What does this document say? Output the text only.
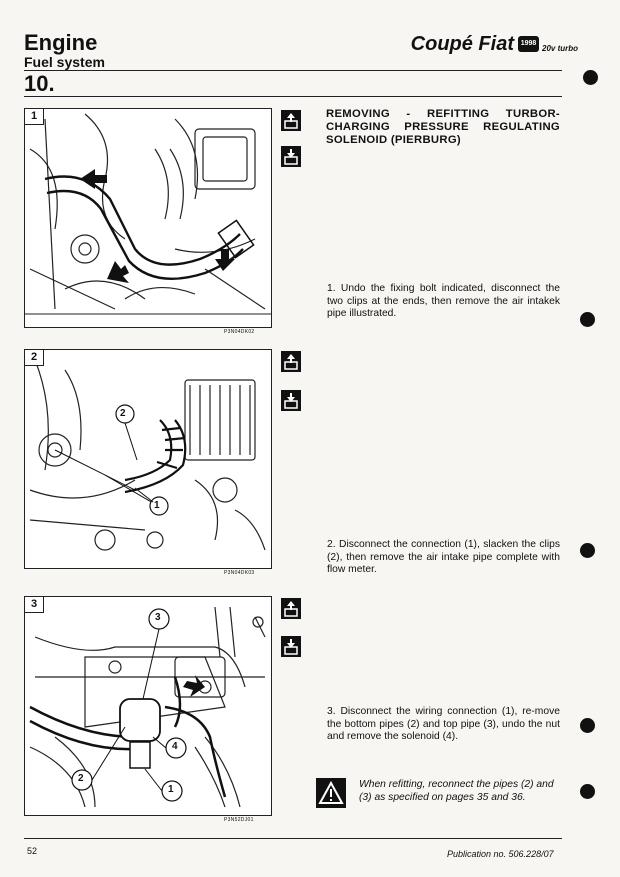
Engine
Fuel system
Coupé Fiat 1998
20v turbo
10.
REMOVING - REFITTING TURBOR-CHARGING PRESSURE REGULATING SOLENOID (PIERBURG)
1
P3N04DK02
2
2
1
P3N04DK03
3
3
4
2
1
P3N52DJ01
1. Undo the fixing bolt indicated, disconnect the two clips at the ends, then remove the air intakek pipe illustrated.
2. Disconnect the connection (1), slacken the clips (2), then remove the air intake pipe complete with flow meter.
3. Disconnect the wiring connection (1), re-move the bottom pipes (2) and top pipe (3), undo the nut and remove the solenoid (4).
When refitting, reconnect the pipes (2) and (3) as specified on pages 35 and 36.
52	Publication no. 506.228/07
